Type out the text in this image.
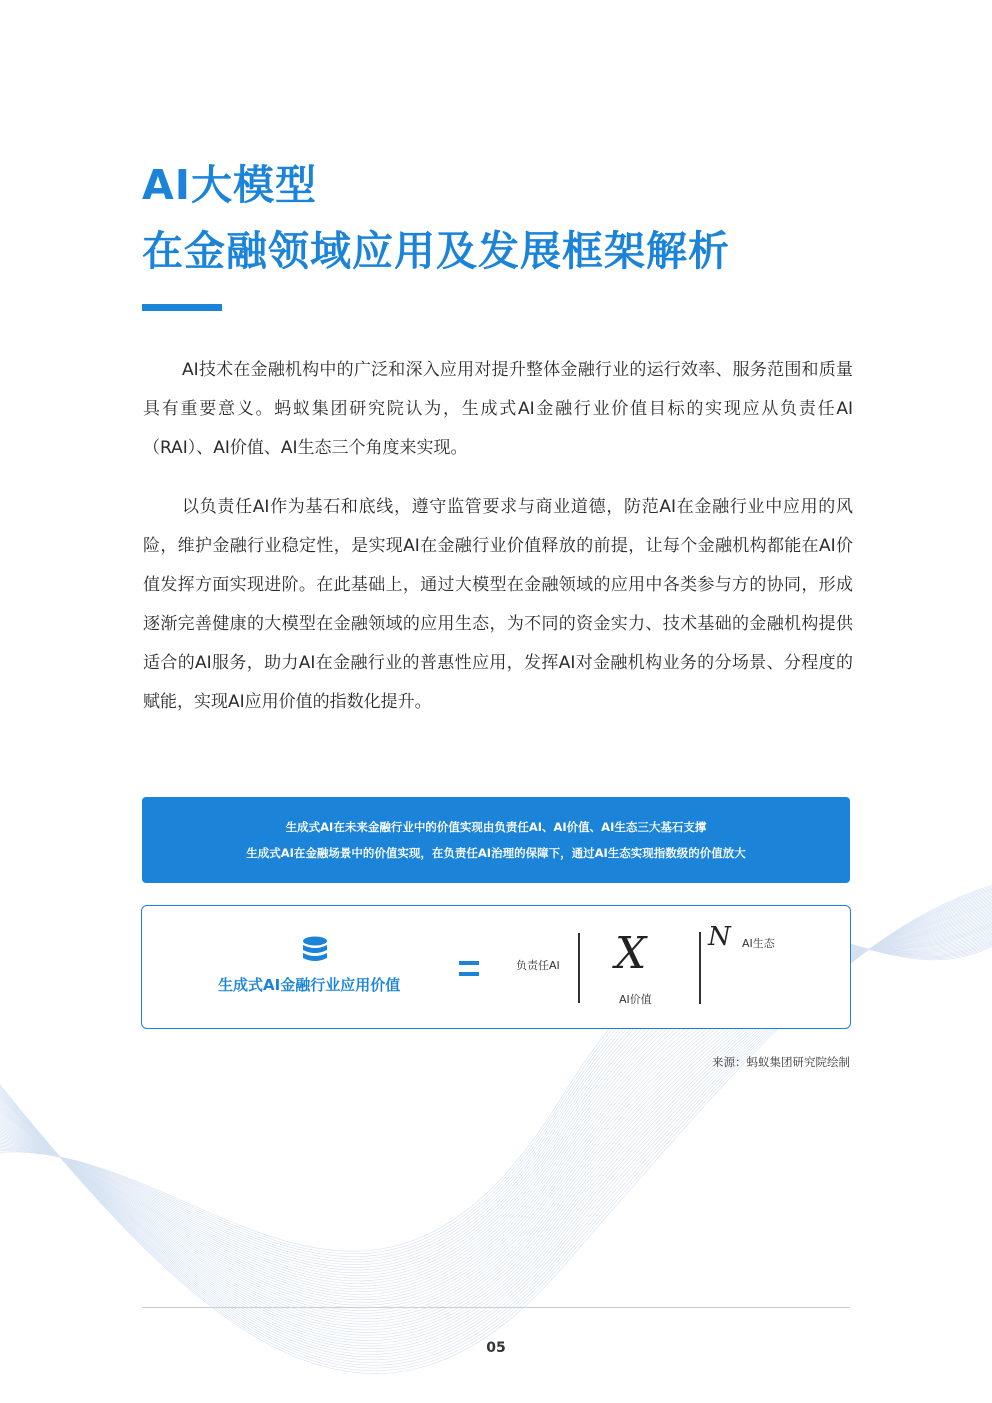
AI大模型
在金融领域应用及发展框架解析

AI技术在金融机构中的广泛和深入应用对提升整体金融行业的运行效率、服务范围和质量具有重要意义。蚂蚁集团研究院认为，生成式AI金融行业价值目标的实现应从负责任AI（RAI）、AI价值、AI生态三个角度来实现。

以负责任AI作为基石和底线，遵守监管要求与商业道德，防范AI在金融行业中应用的风险，维护金融行业稳定性，是实现AI在金融行业价值释放的前提，让每个金融机构都能在AI价值发挥方面实现进阶。在此基础上，通过大模型在金融领域的应用中各类参与方的协同，形成逐渐完善健康的大模型在金融领域的应用生态，为不同的资金实力、技术基础的金融机构提供适合的AI服务，助力AI在金融行业的普惠性应用，发挥AI对金融机构业务的分场景、分程度的赋能，实现AI应用价值的指数化提升。

生成式AI在未来金融行业中的价值实现由负责任AI、AI价值、AI生态三大基石支撑
生成式AI在金融场景中的价值实现，在负责任AI治理的保障下，通过AI生态实现指数级的价值放大
生成式AI金融行业应用价值
负责任AI X
AI价值
N AI生态
来源：蚂蚁集团研究院绘制
05
